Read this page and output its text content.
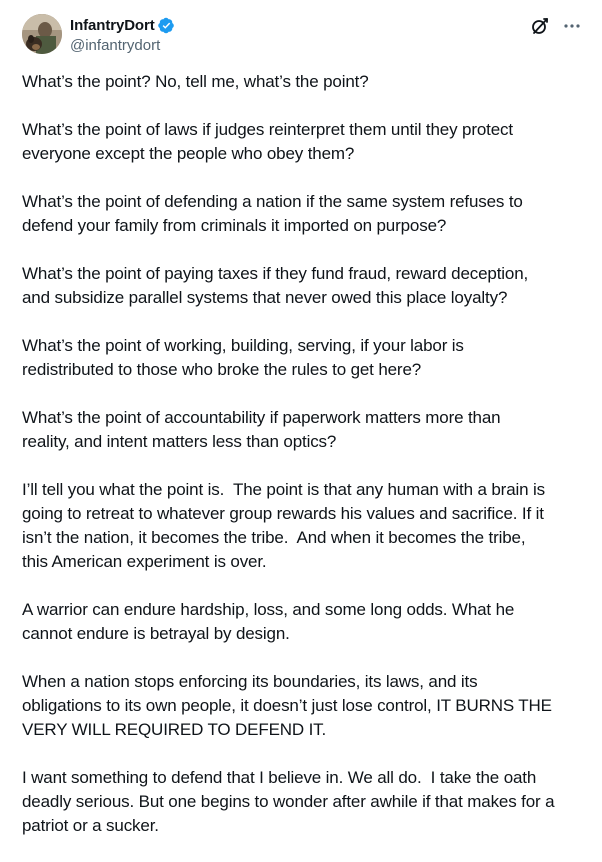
InfantryDort
@infantrydort

What’s the point? No, tell me, what’s the point?

What’s the point of laws if judges reinterpret them until they protect
everyone except the people who obey them?

What’s the point of defending a nation if the same system refuses to
defend your family from criminals it imported on purpose?

What’s the point of paying taxes if they fund fraud, reward deception,
and subsidize parallel systems that never owed this place loyalty?

What’s the point of working, building, serving, if your labor is
redistributed to those who broke the rules to get here?

What’s the point of accountability if paperwork matters more than
reality, and intent matters less than optics?

I’ll tell you what the point is.  The point is that any human with a brain is
going to retreat to whatever group rewards his values and sacrifice. If it
isn’t the nation, it becomes the tribe.  And when it becomes the tribe,
this American experiment is over.

A warrior can endure hardship, loss, and some long odds. What he
cannot endure is betrayal by design.

When a nation stops enforcing its boundaries, its laws, and its
obligations to its own people, it doesn’t just lose control, IT BURNS THE
VERY WILL REQUIRED TO DEFEND IT.

I want something to defend that I believe in. We all do.  I take the oath
deadly serious. But one begins to wonder after awhile if that makes for a
patriot or a sucker.
